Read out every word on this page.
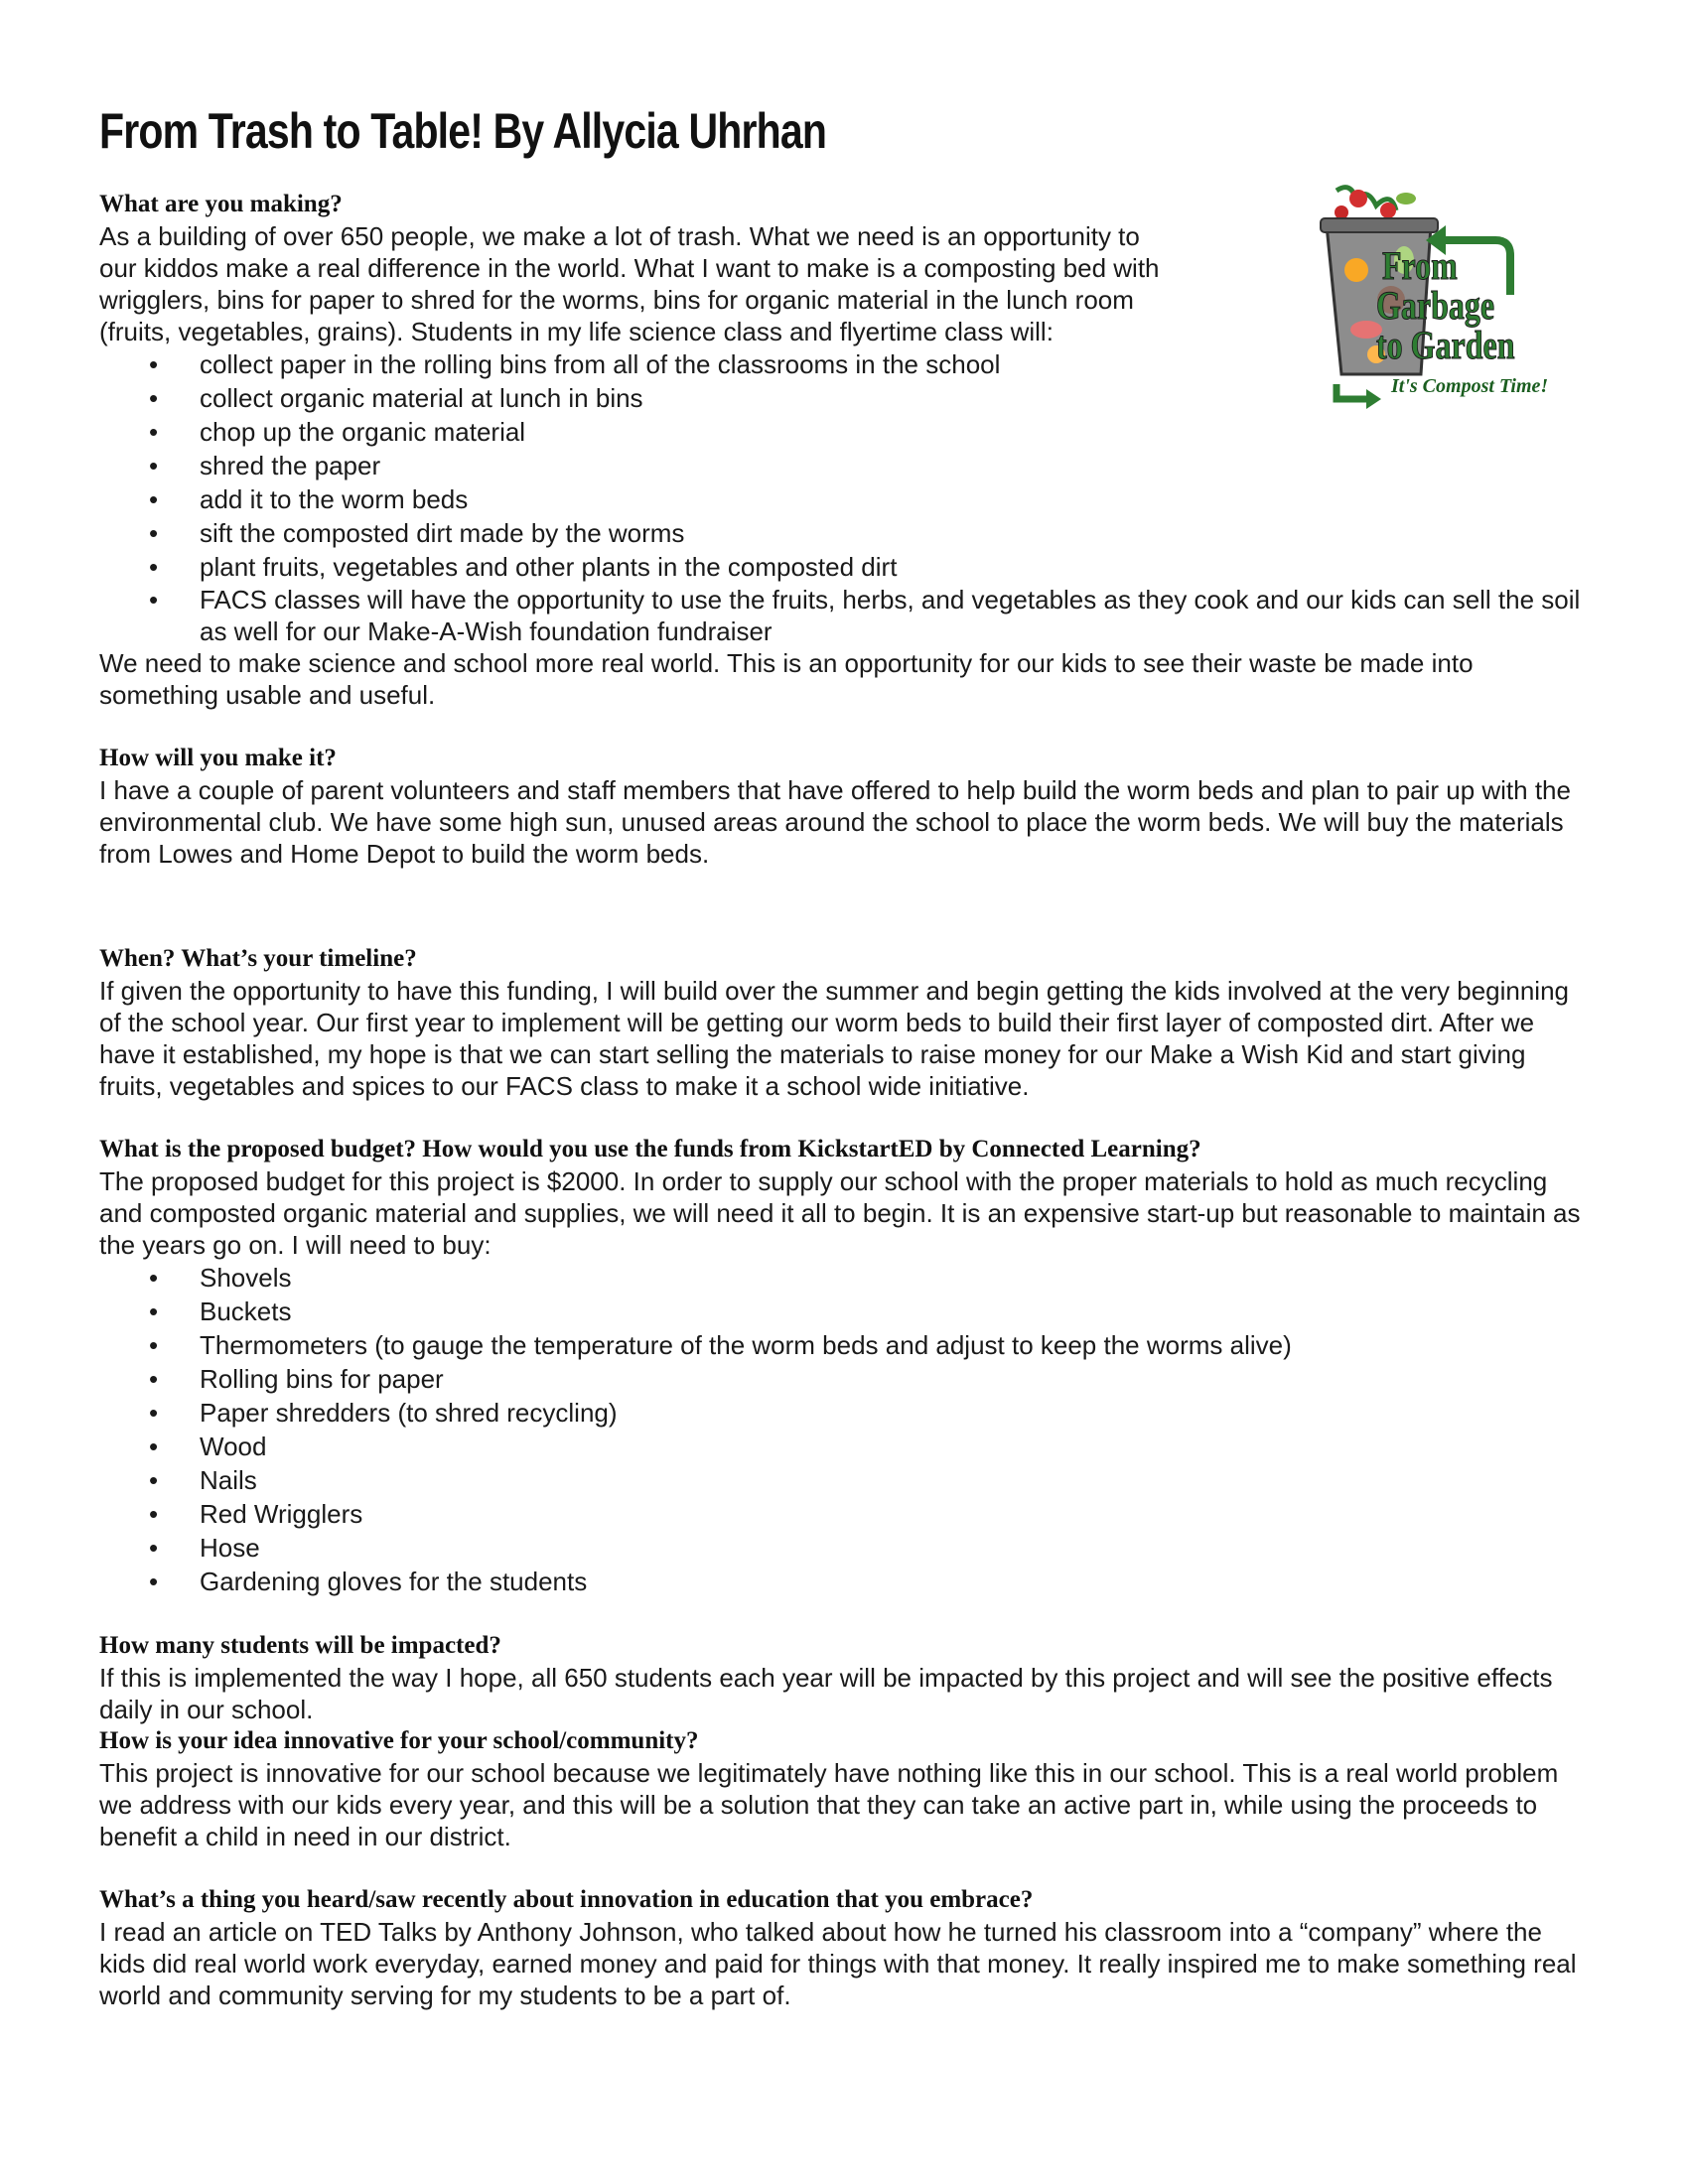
From Trash to Table! By Allycia Uhrhan
From
Garbage
to Garden
It's Compost Time!

What are you making?

As a building of over 650 people, we make a lot of trash. What we need is an opportunity to

our kiddos make a real difference in the world. What I want to make is a composting bed with

wrigglers, bins for paper to shred for the worms, bins for organic material in the lunch room

(fruits, vegetables, grains). Students in my life science class and flyertime class will:

• collect paper in the rolling bins from all of the classrooms in the school
• collect organic material at lunch in bins
• chop up the organic material
• shred the paper
• add it to the worm beds
• sift the composted dirt made by the worms
• plant fruits, vegetables and other plants in the composted dirt
• FACS classes will have the opportunity to use the fruits, herbs, and vegetables as they cook and our kids can sell the soil as well for our Make-A-Wish foundation fundraiser

We need to make science and school more real world. This is an opportunity for our kids to see their waste be made into something usable and useful.

How will you make it?

I have a couple of parent volunteers and staff members that have offered to help build the worm beds and plan to pair up with the environmental club. We have some high sun, unused areas around the school to place the worm beds. We will buy the materials from Lowes and Home Depot to build the worm beds.

When? What’s your timeline?

If given the opportunity to have this funding, I will build over the summer and begin getting the kids involved at the very beginning of the school year. Our first year to implement will be getting our worm beds to build their first layer of composted dirt. After we have it established, my hope is that we can start selling the materials to raise money for our Make a Wish Kid and start giving fruits, vegetables and spices to our FACS class to make it a school wide initiative.

What is the proposed budget? How would you use the funds from KickstartED by Connected Learning?

The proposed budget for this project is $2000. In order to supply our school with the proper materials to hold as much recycling and composted organic material and supplies, we will need it all to begin. It is an expensive start-up but reasonable to maintain as the years go on. I will need to buy:

• Shovels
• Buckets
• Thermometers (to gauge the temperature of the worm beds and adjust to keep the worms alive)
• Rolling bins for paper
• Paper shredders (to shred recycling)
• Wood
• Nails
• Red Wrigglers
• Hose
• Gardening gloves for the students

How many students will be impacted?

If this is implemented the way I hope, all 650 students each year will be impacted by this project and will see the positive effects daily in our school.

How is your idea innovative for your school/community?

This project is innovative for our school because we legitimately have nothing like this in our school. This is a real world problem we address with our kids every year, and this will be a solution that they can take an active part in, while using the proceeds to benefit a child in need in our district.

What’s a thing you heard/saw recently about innovation in education that you embrace?

I read an article on TED Talks by Anthony Johnson, who talked about how he turned his classroom into a “company” where the kids did real world work everyday, earned money and paid for things with that money. It really inspired me to make something real world and community serving for my students to be a part of.
